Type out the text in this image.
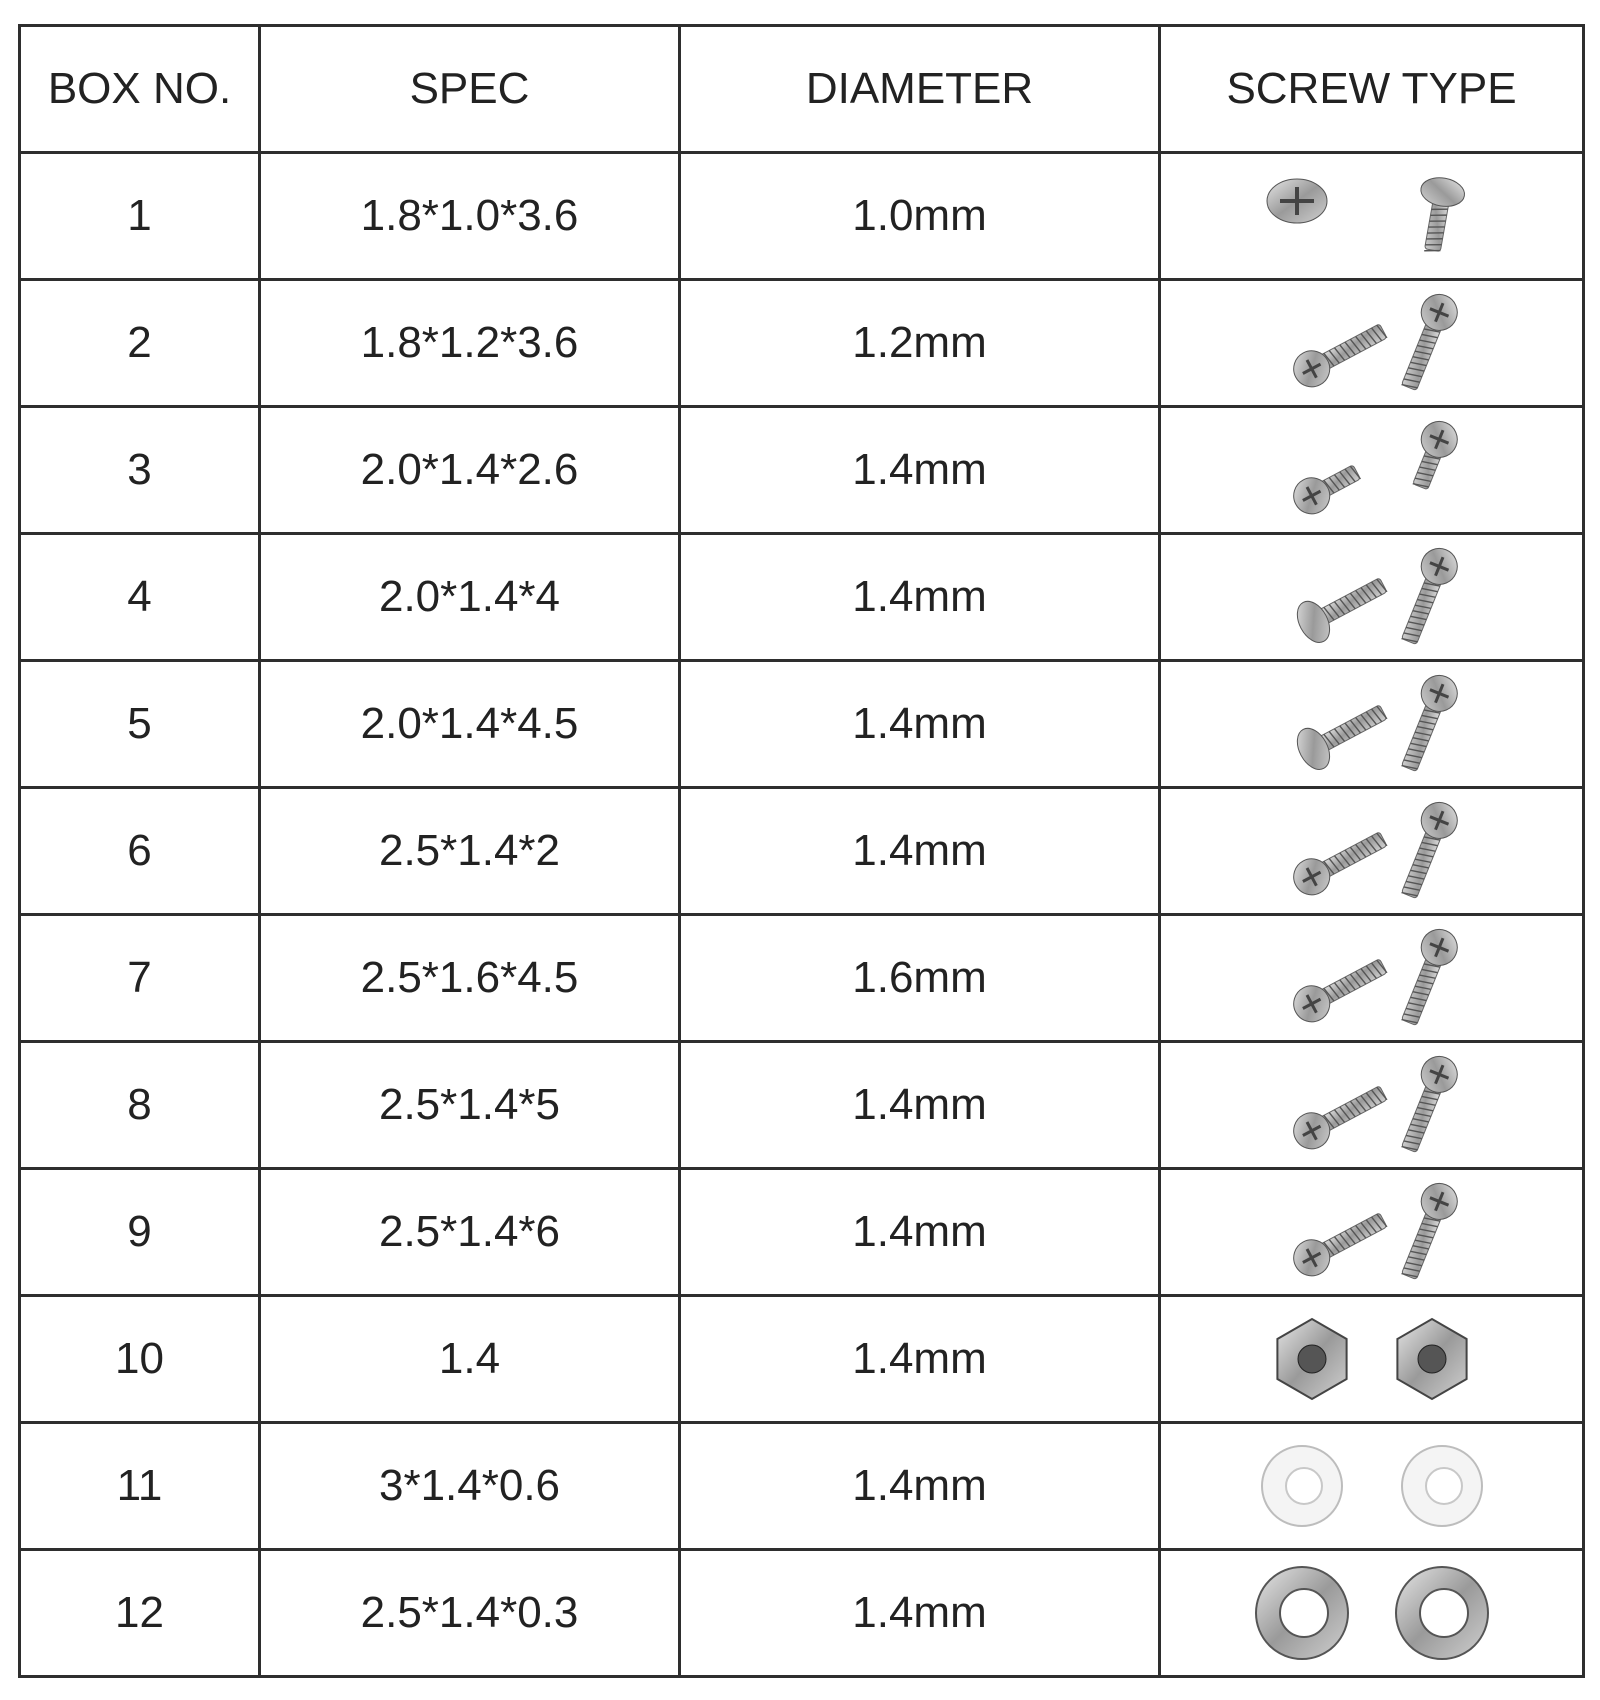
BOX NO.	SPEC	DIAMETER	SCREW TYPE
1	1.8*1.0*3.6	1.0mm	

2	1.8*1.2*3.6	1.2mm	

3	2.0*1.4*2.6	1.4mm	

4	2.0*1.4*4	1.4mm	

5	2.0*1.4*4.5	1.4mm	

6	2.5*1.4*2	1.4mm	

7	2.5*1.6*4.5	1.6mm	

8	2.5*1.4*5	1.4mm	

9	2.5*1.4*6	1.4mm	

10	1.4	1.4mm	

11	3*1.4*0.6	1.4mm	

12	2.5*1.4*0.3	1.4mm	
